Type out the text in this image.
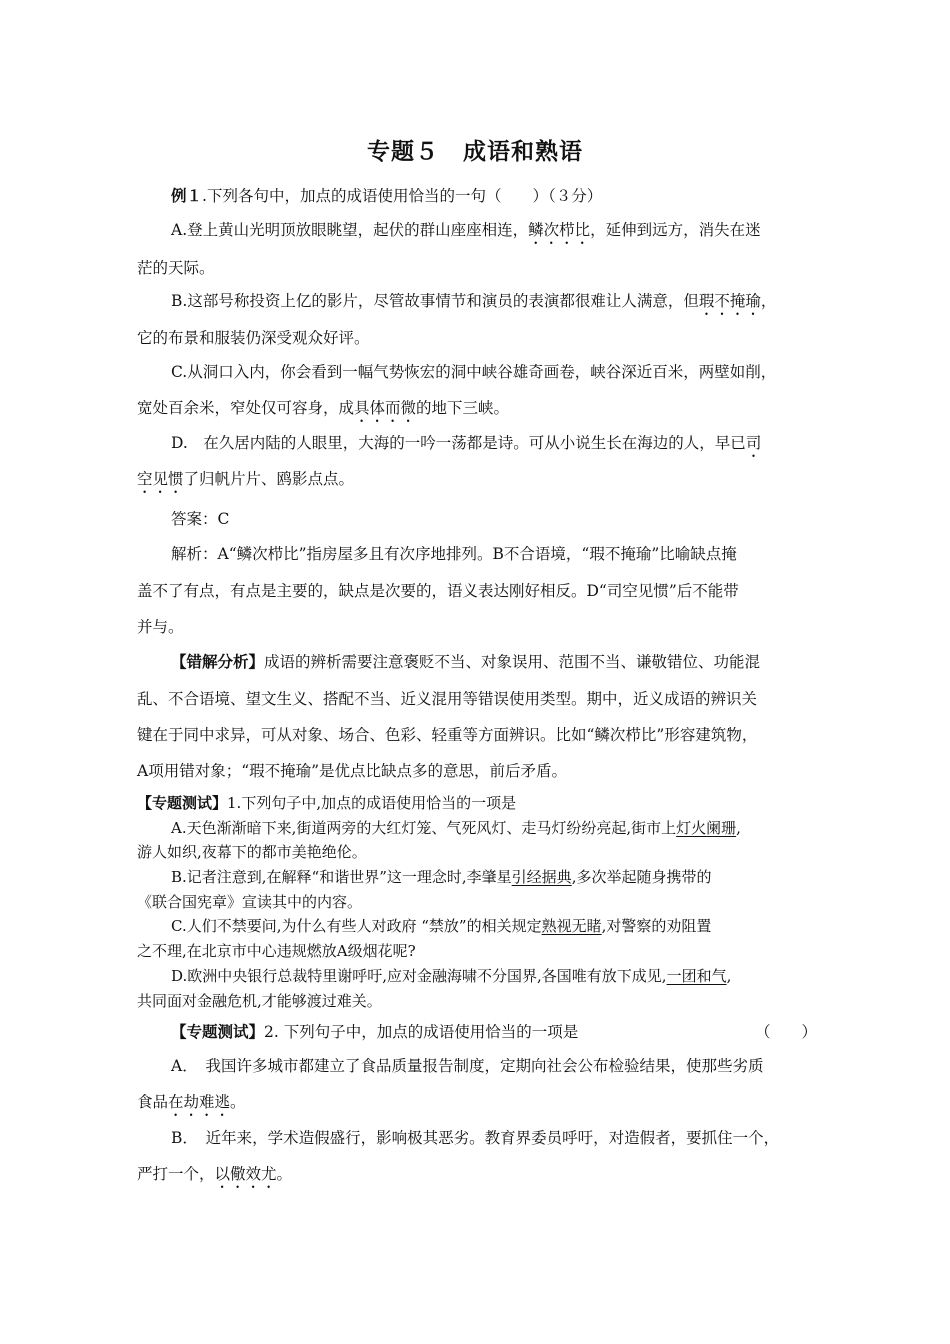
专题５　成语和熟语
例１.下列各句中，加点的成语使用恰当的一句（　　）（３分）
A.登上黄山光明顶放眼眺望，起伏的群山座座相连，鳞次栉比，延伸到远方，消失在迷
茫的天际。
B.这部号称投资上亿的影片，尽管故事情节和演员的表演都很难让人满意，但瑕不掩瑜，
它的布景和服装仍深受观众好评。
C.从洞口入内，你会看到一幅气势恢宏的洞中峡谷雄奇画卷，峡谷深近百米，两壁如削，
宽处百余米，窄处仅可容身，成具体而微的地下三峡。
D.　在久居内陆的人眼里，大海的一吟一荡都是诗。可从小说生长在海边的人，早已司
空见惯了归帆片片、鸥影点点。
答案：C
解析：A“鳞次栉比”指房屋多且有次序地排列。B不合语境，“瑕不掩瑜”比喻缺点掩
盖不了有点，有点是主要的，缺点是次要的，语义表达刚好相反。D“司空见惯”后不能带
并与。
【错解分析】成语的辨析需要注意褒贬不当、对象误用、范围不当、谦敬错位、功能混
乱、不合语境、望文生义、搭配不当、近义混用等错误使用类型。期中，近义成语的辨识关
键在于同中求异，可从对象、场合、色彩、轻重等方面辨识。比如“鳞次栉比”形容建筑物，
A项用错对象；“瑕不掩瑜”是优点比缺点多的意思，前后矛盾。
【专题测试】1.下列句子中,加点的成语使用恰当的一项是
A.天色渐渐暗下来,街道两旁的大红灯笼、气死风灯、走马灯纷纷亮起,街市上灯火阑珊,
游人如织,夜幕下的都市美艳绝伦。
B.记者注意到,在解释“和谐世界”这一理念时,李肇星引经据典,多次举起随身携带的
《联合国宪章》宣读其中的内容。
C.人们不禁要问,为什么有些人对政府 “禁放”的相关规定熟视无睹,对警察的劝阻置
之不理,在北京市中心违规燃放A级烟花呢?
D.欧洲中央银行总裁特里谢呼吁,应对金融海啸不分国界,各国唯有放下成见,一团和气,
共同面对金融危机,才能够渡过难关。
【专题测试】2. 下列句子中，加点的成语使用恰当的一项是	（　　）
A．　我国许多城市都建立了食品质量报告制度，定期向社会公布检验结果，使那些劣质
食品在劫难逃。
B．　近年来，学术造假盛行，影响极其恶劣。教育界委员呼吁，对造假者，要抓住一个，
严打一个，以儆效尤。
